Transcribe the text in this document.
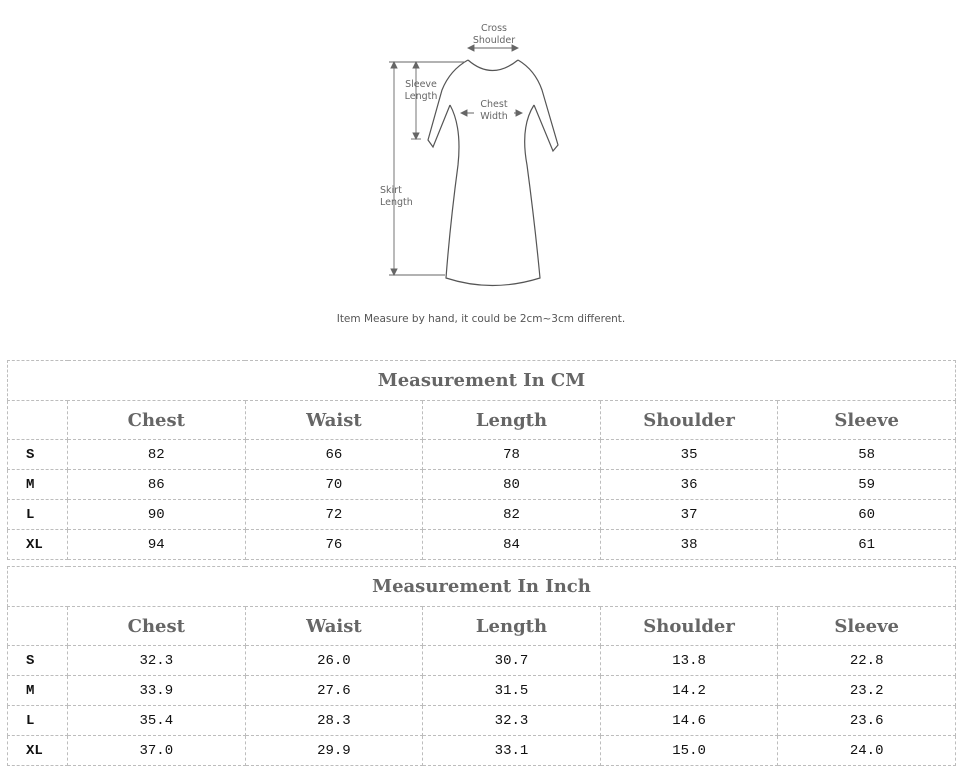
Cross
Shoulder
Sleeve
Length
Chest
Width
Skirt
Length
Item Measure by hand, it could be 2cm~3cm different.
Measurement In CM					
	Chest	Waist	Length	Shoulder	Sleeve
S	82	66	78	35	58
M	86	70	80	36	59
L	90	72	82	37	60
XL	94	76	84	38	61
Measurement In Inch					
	Chest	Waist	Length	Shoulder	Sleeve
S	32.3	26.0	30.7	13.8	22.8
M	33.9	27.6	31.5	14.2	23.2
L	35.4	28.3	32.3	14.6	23.6
XL	37.0	29.9	33.1	15.0	24.0
